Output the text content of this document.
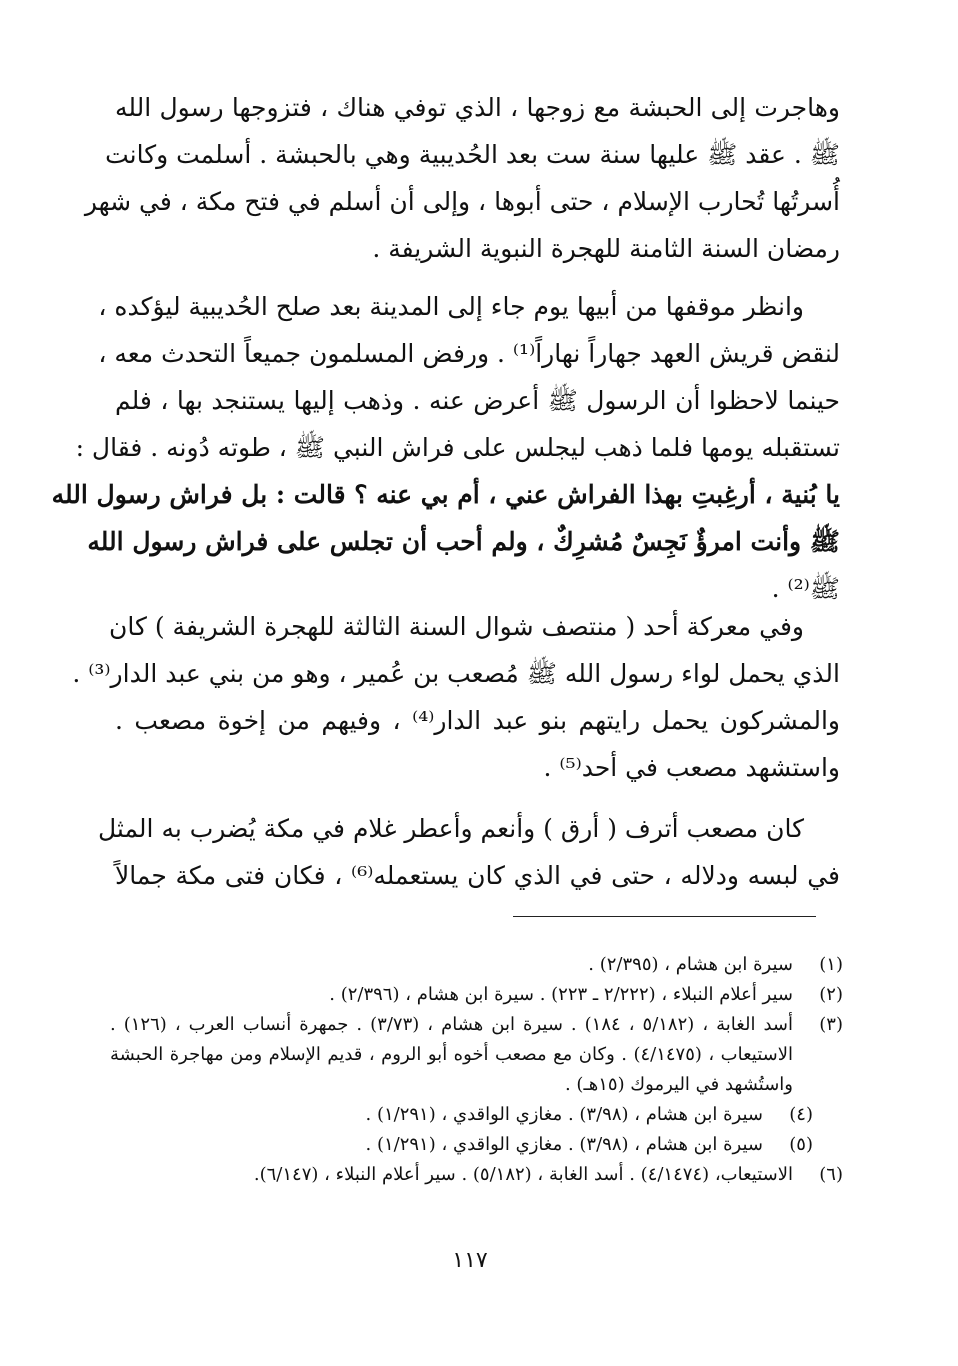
وهاجرت إلى الحبشة مع زوجها ، الذي توفي هناك ، فتزوجها رسول الله
ﷺ . عقد ﷺ عليها سنة ست بعد الحُديبية وهي بالحبشة . أسلمت وكانت
أُسرتُها تُحارب الإسلام ، حتى أبوها ، وإلى أن أسلم في فتح مكة ، في شهر
رمضان السنة الثامنة للهجرة النبوية الشريفة .
وانظر موقفها من أبيها يوم جاء إلى المدينة بعد صلح الحُديبية ليؤكده ،
لنقض قريش العهد جهاراً نهاراً⁽¹⁾ . ورفض المسلمون جميعاً التحدث معه ،
حينما لاحظوا أن الرسول ﷺ أعرض عنه . وذهب إليها يستنجد بها ، فلم
تستقبله يومها فلما ذهب ليجلس على فراش النبي ﷺ ، طوته دُونه . فقال :
يا بُنية ، أرغِبتِ بهذا الفراش عني ، أم بي عنه ؟ قالت : بل فراش رسول الله
ﷺ وأنت امرؤٌ نَجِسٌ مُشرِكٌ ، ولم أحب أن تجلس على فراش رسول الله
ﷺ⁽²⁾ .
وفي معركة أحد ( منتصف شوال السنة الثالثة للهجرة الشريفة ) كان
الذي يحمل لواء رسول الله ﷺ مُصعب بن عُمير ، وهو من بني عبد الدار⁽³⁾ .
والمشركون يحمل رايتهم بنو عبد الدار⁽⁴⁾ ، وفيهم من إخوة مصعب .
واستشهد مصعب في أحد⁽⁵⁾ .
كان مصعب أترف ( أرق ) وأنعم وأعطر غلام في مكة يُضرب به المثل
في لبسه ودلاله ، حتى في الذي كان يستعمله⁽⁶⁾ ، فكان فتى مكة جمالاً
(١)
سيرة ابن هشام ، (٢/٣٩٥) .
(٢)
سير أعلام النبلاء ، (٢/٢٢٢ ـ ٢٢٣) . سيرة ابن هشام ، (٢/٣٩٦) .
(٣)
أسد الغابة ، (٥/١٨٢ ، ١٨٤) . سيرة ابن هشام ، (٣/٧٣) . جمهرة أنساب العرب ، (١٢٦) . الاستيعاب ، (٤/١٤٧٥) . وكان مع مصعب أخوه أبو الروم ، قديم الإسلام ومن مهاجرة الحبشة واستُشهد في اليرموك (١٥هـ) .
(٤)
سيرة ابن هشام ، (٣/٩٨) . مغازي الواقدي ، (١/٢٩١) .
(٥)
سيرة ابن هشام ، (٣/٩٨) . مغازي الواقدي ، (١/٢٩١) .
(٦)
الاستيعاب، (٤/١٤٧٤) . أسد الغابة ، (٥/١٨٢) . سير أعلام النبلاء ، (٦/١٤٧).
١١٧
